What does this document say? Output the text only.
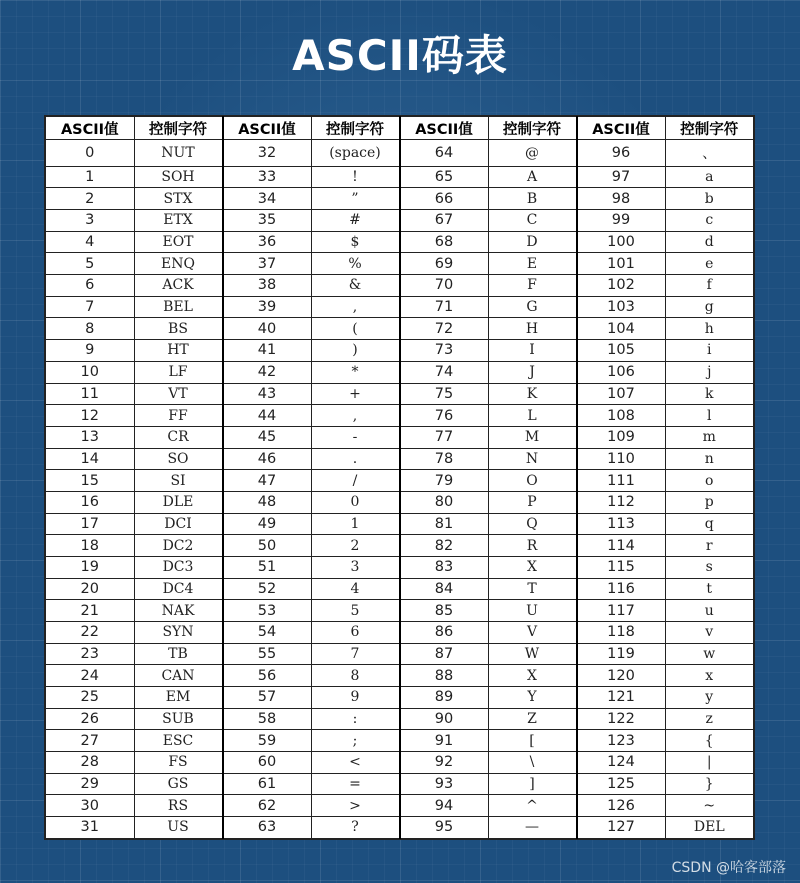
ASCII码表
ASCII值	控制字符	ASCII值	控制字符	ASCII值	控制字符	ASCII值	控制字符
0	NUT	32	(space)	64	@	96	、
1	SOH	33	!	65	A	97	a
2	STX	34	”	66	B	98	b
3	ETX	35	#	67	C	99	c
4	EOT	36	$	68	D	100	d
5	ENQ	37	%	69	E	101	e
6	ACK	38	&	70	F	102	f
7	BEL	39	,	71	G	103	g
8	BS	40	(	72	H	104	h
9	HT	41	)	73	I	105	i
10	LF	42	*	74	J	106	j
11	VT	43	+	75	K	107	k
12	FF	44	,	76	L	108	l
13	CR	45	-	77	M	109	m
14	SO	46	.	78	N	110	n
15	SI	47	/	79	O	111	o
16	DLE	48	0	80	P	112	p
17	DCI	49	1	81	Q	113	q
18	DC2	50	2	82	R	114	r
19	DC3	51	3	83	X	115	s
20	DC4	52	4	84	T	116	t
21	NAK	53	5	85	U	117	u
22	SYN	54	6	86	V	118	v
23	TB	55	7	87	W	119	w
24	CAN	56	8	88	X	120	x
25	EM	57	9	89	Y	121	y
26	SUB	58	:	90	Z	122	z
27	ESC	59	;	91	[	123	{
28	FS	60	<	92	\	124	|
29	GS	61	=	93	]	125	}
30	RS	62	>	94	^	126	~
31	US	63	?	95	—	127	DEL
CSDN @哈客部落
